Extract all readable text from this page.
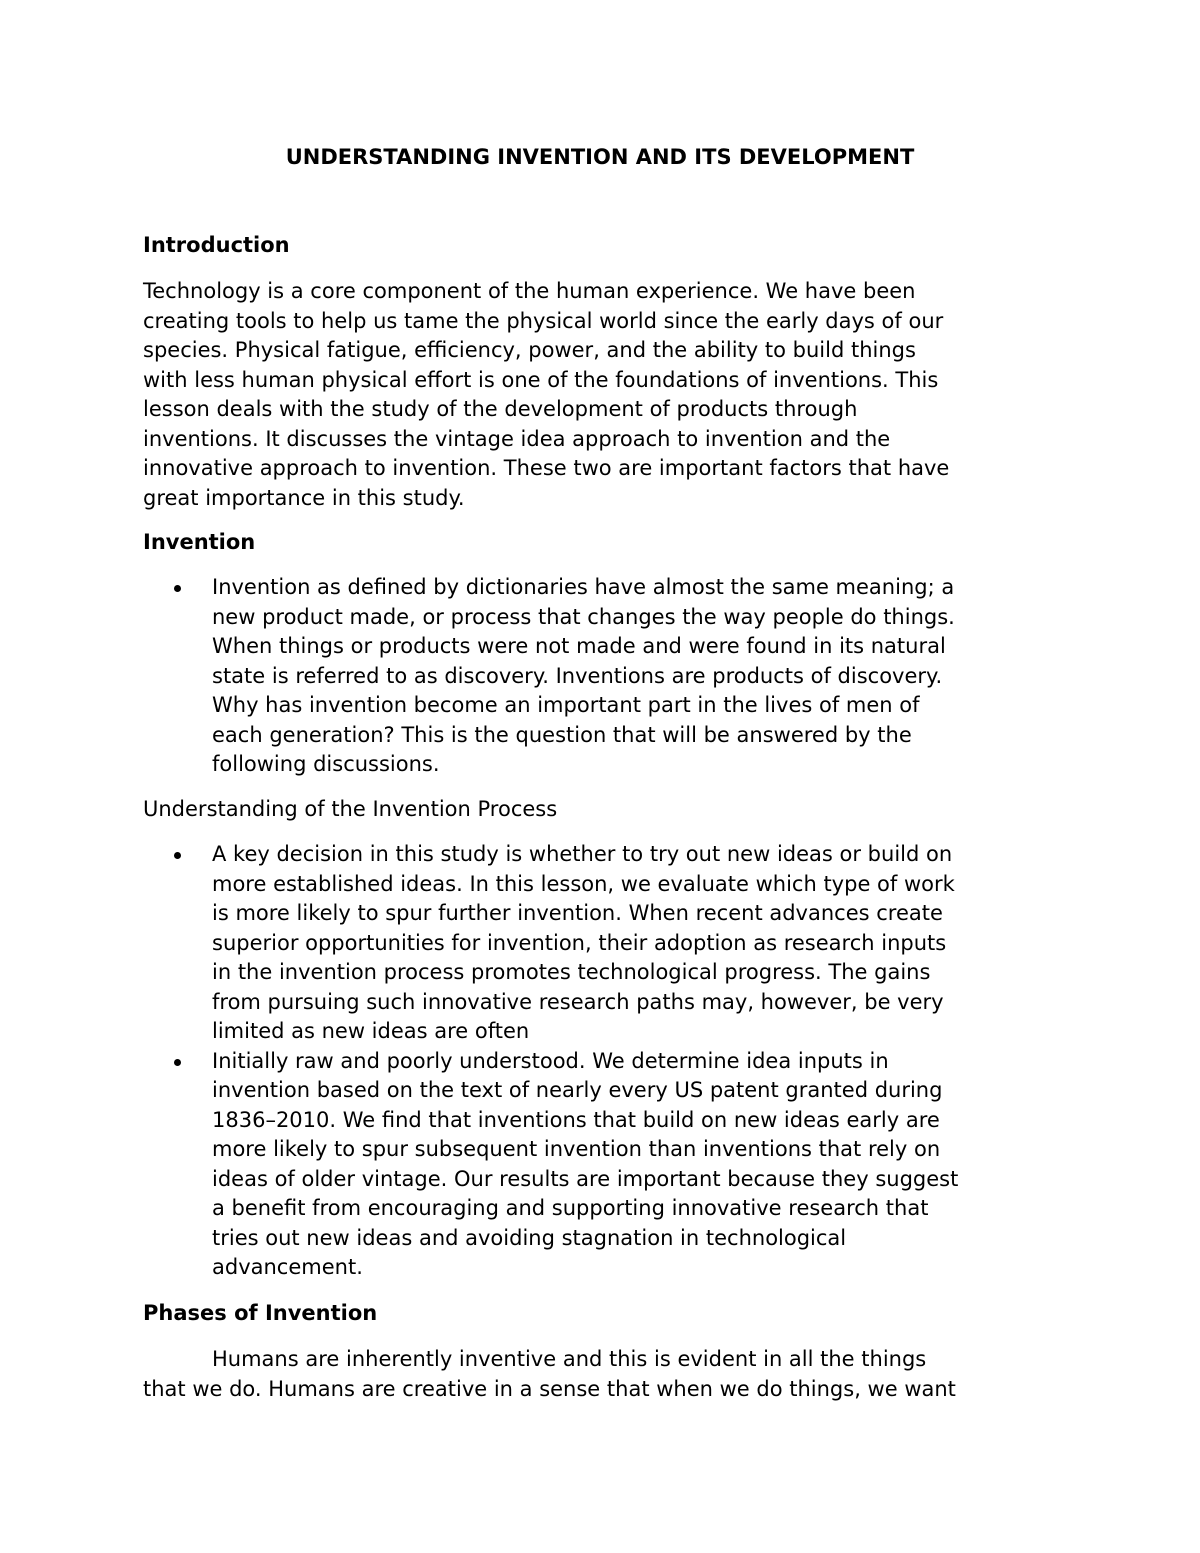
UNDERSTANDING INVENTION AND ITS DEVELOPMENT
Introduction

Technology is a core component of the human experience. We have been
creating tools to help us tame the physical world since the early days of our
species. Physical fatigue, efficiency, power, and the ability to build things
with less human physical effort is one of the foundations of inventions. This
lesson deals with the study of the development of products through
inventions. It discusses the vintage idea approach to invention and the
innovative approach to invention. These two are important factors that have
great importance in this study.

Invention
Invention as defined by dictionaries have almost the same meaning; a
new product made, or process that changes the way people do things.
When things or products were not made and were found in its natural
state is referred to as discovery. Inventions are products of discovery.
Why has invention become an important part in the lives of men of
each generation? This is the question that will be answered by the
following discussions.
Understanding of the Invention Process
A key decision in this study is whether to try out new ideas or build on
more established ideas. In this lesson, we evaluate which type of work
is more likely to spur further invention. When recent advances create
superior opportunities for invention, their adoption as research inputs
in the invention process promotes technological progress. The gains
from pursuing such innovative research paths may, however, be very
limited as new ideas are often
Initially raw and poorly understood. We determine idea inputs in
invention based on the text of nearly every US patent granted during
1836–2010. We find that inventions that build on new ideas early are
more likely to spur subsequent invention than inventions that rely on
ideas of older vintage. Our results are important because they suggest
a benefit from encouraging and supporting innovative research that
tries out new ideas and avoiding stagnation in technological
advancement.
Phases of Invention

Humans are inherently inventive and this is evident in all the things
that we do. Humans are creative in a sense that when we do things, we want
